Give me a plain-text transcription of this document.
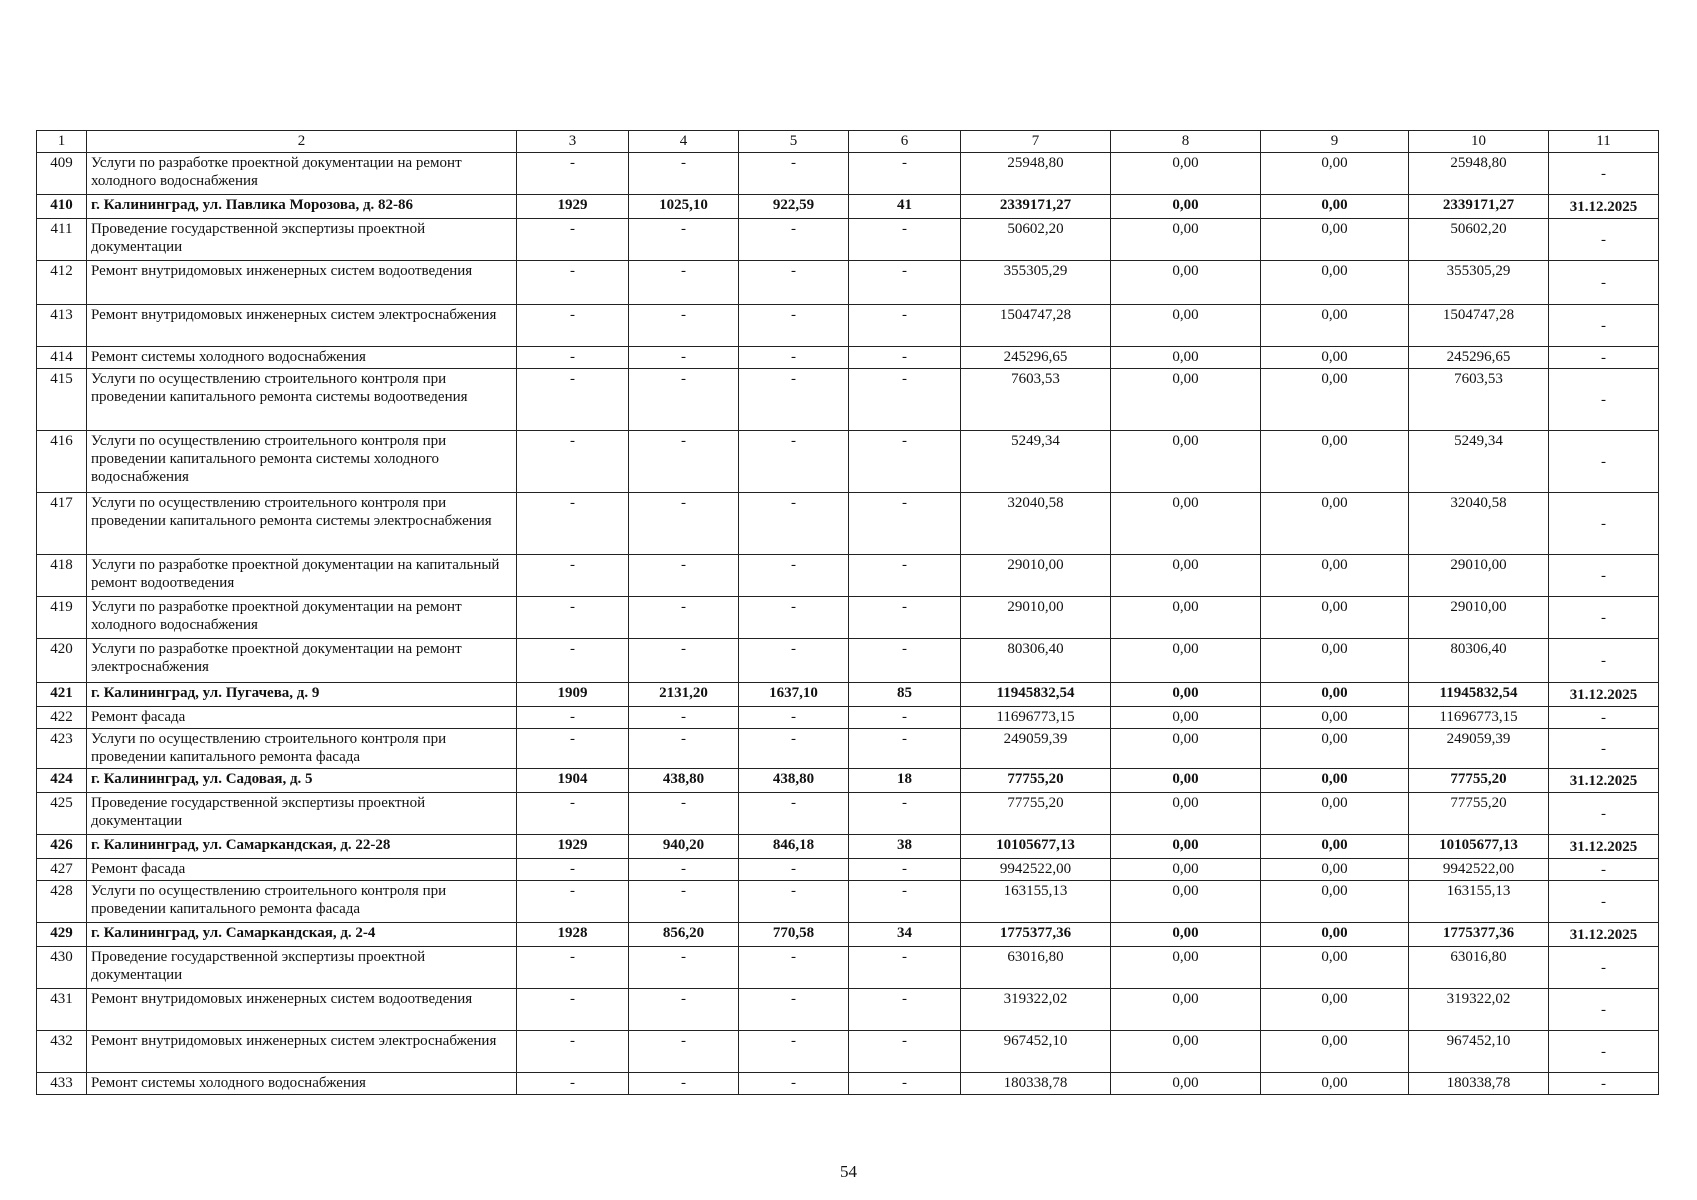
1	2	3	4	5	6	7	8	9	10	11
409	Услуги по разработке проектной документации на ремонт холодного водоснабжения	-	-	-	-	25948,80	0,00	0,00	25948,80	-
410	г. Калининград, ул. Павлика Морозова, д. 82-86	1929	1025,10	922,59	41	2339171,27	0,00	0,00	2339171,27	31.12.2025
411	Проведение государственной экспертизы проектной документации	-	-	-	-	50602,20	0,00	0,00	50602,20	-
412	Ремонт внутридомовых инженерных систем водоотведения	-	-	-	-	355305,29	0,00	0,00	355305,29	-
413	Ремонт внутридомовых инженерных систем электроснабжения	-	-	-	-	1504747,28	0,00	0,00	1504747,28	-
414	Ремонт системы холодного водоснабжения	-	-	-	-	245296,65	0,00	0,00	245296,65	-
415	Услуги по осуществлению строительного контроля при проведении капитального ремонта системы водоотведения	-	-	-	-	7603,53	0,00	0,00	7603,53	-
416	Услуги по осуществлению строительного контроля при проведении капитального ремонта системы холодного водоснабжения	-	-	-	-	5249,34	0,00	0,00	5249,34	-
417	Услуги по осуществлению строительного контроля при проведении капитального ремонта системы электроснабжения	-	-	-	-	32040,58	0,00	0,00	32040,58	-
418	Услуги по разработке проектной документации на капитальный ремонт водоотведения	-	-	-	-	29010,00	0,00	0,00	29010,00	-
419	Услуги по разработке проектной документации на ремонт холодного водоснабжения	-	-	-	-	29010,00	0,00	0,00	29010,00	-
420	Услуги по разработке проектной документации на ремонт электроснабжения	-	-	-	-	80306,40	0,00	0,00	80306,40	-
421	г. Калининград, ул. Пугачева, д. 9	1909	2131,20	1637,10	85	11945832,54	0,00	0,00	11945832,54	31.12.2025
422	Ремонт фасада	-	-	-	-	11696773,15	0,00	0,00	11696773,15	-
423	Услуги по осуществлению строительного контроля при проведении капитального ремонта фасада	-	-	-	-	249059,39	0,00	0,00	249059,39	-
424	г. Калининград, ул. Садовая, д. 5	1904	438,80	438,80	18	77755,20	0,00	0,00	77755,20	31.12.2025
425	Проведение государственной экспертизы проектной документации	-	-	-	-	77755,20	0,00	0,00	77755,20	-
426	г. Калининград, ул. Самаркандская, д. 22-28	1929	940,20	846,18	38	10105677,13	0,00	0,00	10105677,13	31.12.2025
427	Ремонт фасада	-	-	-	-	9942522,00	0,00	0,00	9942522,00	-
428	Услуги по осуществлению строительного контроля при проведении капитального ремонта фасада	-	-	-	-	163155,13	0,00	0,00	163155,13	-
429	г. Калининград, ул. Самаркандская, д. 2-4	1928	856,20	770,58	34	1775377,36	0,00	0,00	1775377,36	31.12.2025
430	Проведение государственной экспертизы проектной документации	-	-	-	-	63016,80	0,00	0,00	63016,80	-
431	Ремонт внутридомовых инженерных систем водоотведения	-	-	-	-	319322,02	0,00	0,00	319322,02	-
432	Ремонт внутридомовых инженерных систем электроснабжения	-	-	-	-	967452,10	0,00	0,00	967452,10	-
433	Ремонт системы холодного водоснабжения	-	-	-	-	180338,78	0,00	0,00	180338,78	-
54
